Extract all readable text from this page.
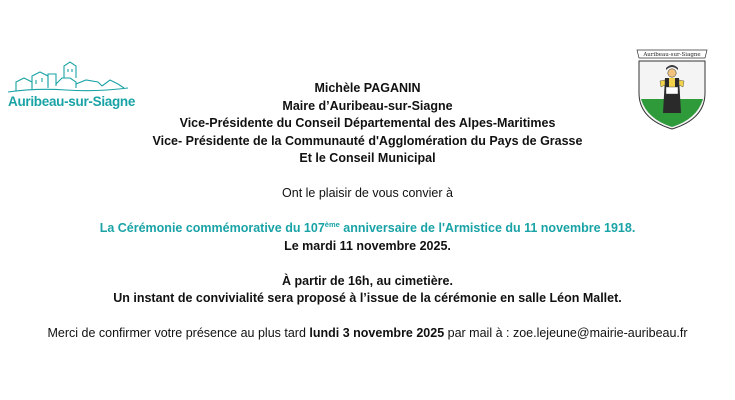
Auribeau-sur-Siagne
Auribeau-sur-Siagne
Michèle PAGANIN
Maire d’Auribeau-sur-Siagne
Vice-Présidente du Conseil Départemental des Alpes-Maritimes
Vice- Présidente de la Communauté d'Agglomération du Pays de Grasse
Et le Conseil Municipal
Ont le plaisir de vous convier à
La Cérémonie commémorative du 107ème anniversaire de l'Armistice du 11 novembre 1918.
Le mardi 11 novembre 2025.
À partir de 16h, au cimetière.
Un instant de convivialité sera proposé à l’issue de la cérémonie en salle Léon Mallet.
Merci de confirmer votre présence au plus tard lundi 3 novembre 2025 par mail à : zoe.lejeune@mairie-auribeau.fr
